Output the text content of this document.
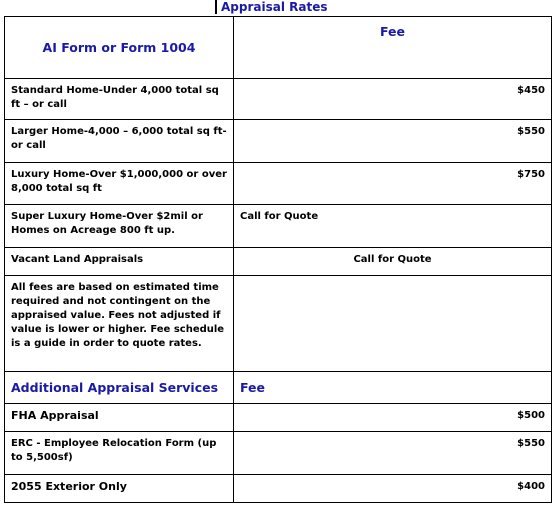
Appraisal Rates
AI Form or Form 1004	Fee
Standard Home-Under 4,000 total sq ft – or call	$450
Larger Home-4,000 – 6,000 total sq ft- or call	$550
Luxury Home-Over $1,000,000 or over 8,000 total sq ft	$750
Super Luxury Home-Over $2mil or Homes on Acreage 800 ft up.	Call for Quote
Vacant Land Appraisals	Call for Quote
All fees are based on estimated time required and not contingent on the appraised value. Fees not adjusted if value is lower or higher. Fee schedule is a guide in order to quote rates.	
Additional Appraisal Services	Fee
FHA Appraisal	$500
ERC - Employee Relocation Form (up to 5,500sf)	$550
2055 Exterior Only	$400
